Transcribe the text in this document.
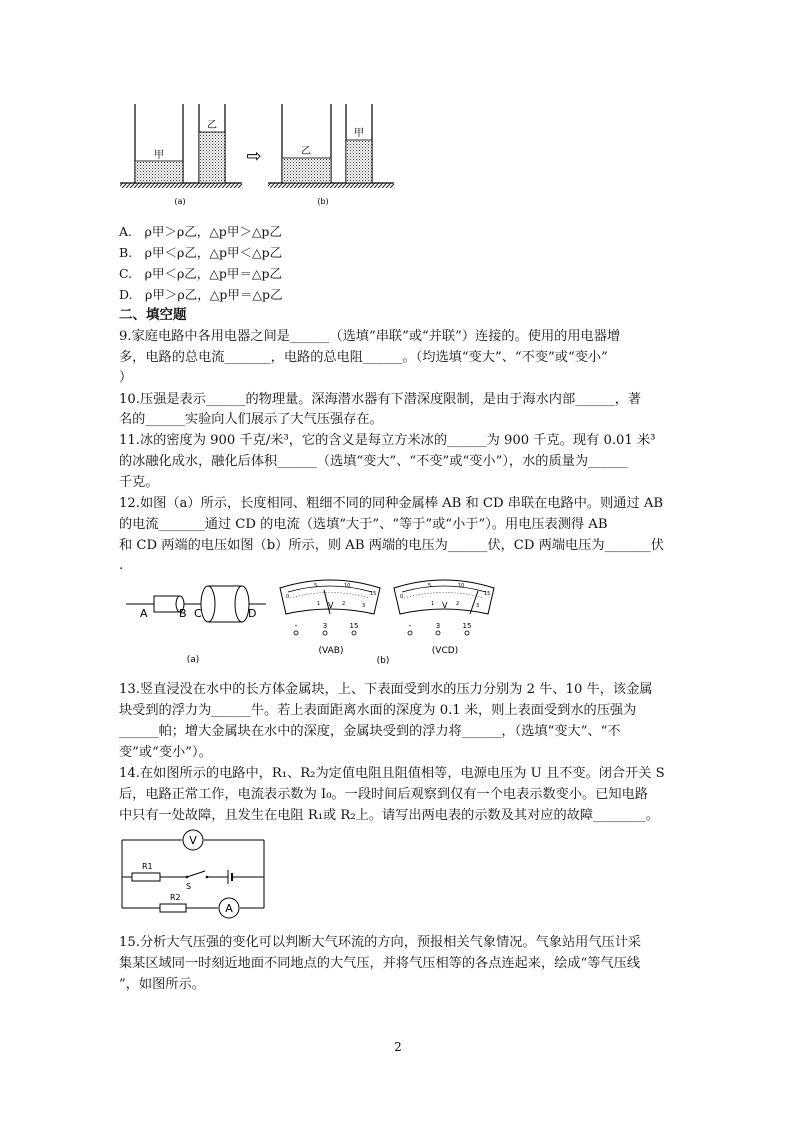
甲
乙
(a)
⇨	乙
甲
(b)
A.　ρ甲＞ρ乙，△p甲＞△p乙
B.　ρ甲＜ρ乙，△p甲＜△p乙
C.　ρ甲＜ρ乙，△p甲＝△p乙
D.　ρ甲＞ρ乙，△p甲＝△p乙
二、填空题
9.家庭电路中各用电器之间是______（选填“串联”或“并联”）连接的。使用的用电器增
多，电路的总电流_______，电路的总电阻______。（均选填“变大”、“不变”或“变小”
）
10.压强是表示______的物理量。深海潜水器有下潜深度限制，是由于海水内部______，著
名的______实验向人们展示了大气压强存在。
11.冰的密度为 900 千克/米³，它的含义是每立方米冰的______为 900 千克。现有 0.01 米³
的冰融化成水，融化后体积______（选填“变大”、“不变”或“变小”），水的质量为______
千克。
12.如图（a）所示，长度相同、粗细不同的同种金属棒 AB 和 CD 串联在电路中。则通过 AB
的电流_______通过 CD 的电流（选填“大于”、“等于”或“小于”）。用电压表测得 AB
和 CD 两端的电压如图（b）所示，则 AB 两端的电压为______伏，CD 两端电压为_______伏
.
A	B C	D
(a)
0
5	10
15
1	2	3
V
-	3	15
(VAB)
(b)
0
5	10
15
1	2	3
V
-	3	15
(VCD)
13.竖直浸没在水中的长方体金属块，上、下表面受到水的压力分别为 2 牛、10 牛，该金属
块受到的浮力为______牛。若上表面距离水面的深度为 0.1 米，则上表面受到水的压强为
______帕；增大金属块在水中的深度，金属块受到的浮力将______，（选填“变大”、“不
变”或“变小”）。
14.在如图所示的电路中，R₁、R₂为定值电阻且阻值相等，电源电压为 U 且不变。闭合开关 S
后，电路正常工作，电流表示数为 I₀。一段时间后观察到仅有一个电表示数变小。已知电路
中只有一处故障，且发生在电阻 R₁或 R₂上。请写出两电表的示数及其对应的故障________。
V
R1
S
R2
A
15.分析大气压强的变化可以判断大气环流的方向，预报相关气象情况。气象站用气压计采
集某区域同一时刻近地面不同地点的大气压，并将气压相等的各点连起来，绘成“等气压线
”，如图所示。
2
